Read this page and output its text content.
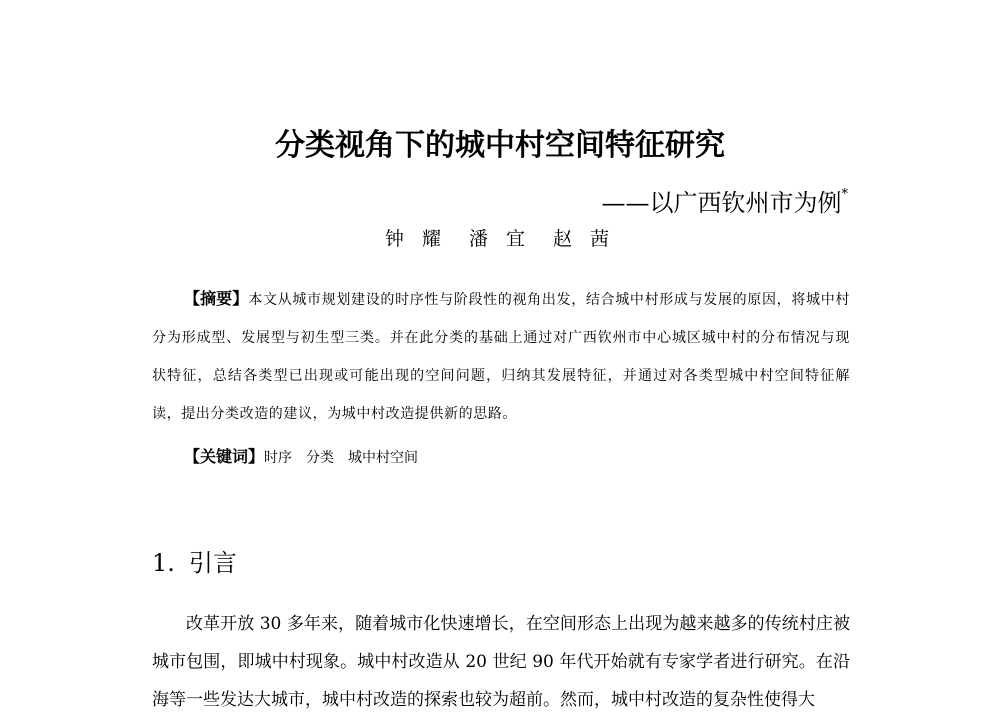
分类视角下的城中村空间特征研究
——以广西钦州市为例*
钟 耀 潘 宜 赵 茜
【摘要】本文从城市规划建设的时序性与阶段性的视角出发，结合城中村形成与发展的原因，将城中村分为形成型、发展型与初生型三类。并在此分类的基础上通过对广西钦州市中心城区城中村的分布情况与现状特征，总结各类型已出现或可能出现的空间问题，归纳其发展特征，并通过对各类型城中村空间特征解读，提出分类改造的建议，为城中村改造提供新的思路。
【关键词】时序 分类 城中村空间
1. 引言
改革开放 30 多年来，随着城市化快速增长，在空间形态上出现为越来越多的传统村庄被城市包围，即城中村现象。城中村改造从 20 世纪 90 年代开始就有专家学者进行研究。在沿海等一些发达大城市，城中村改造的探索也较为超前。然而，城中村改造的复杂性使得大
